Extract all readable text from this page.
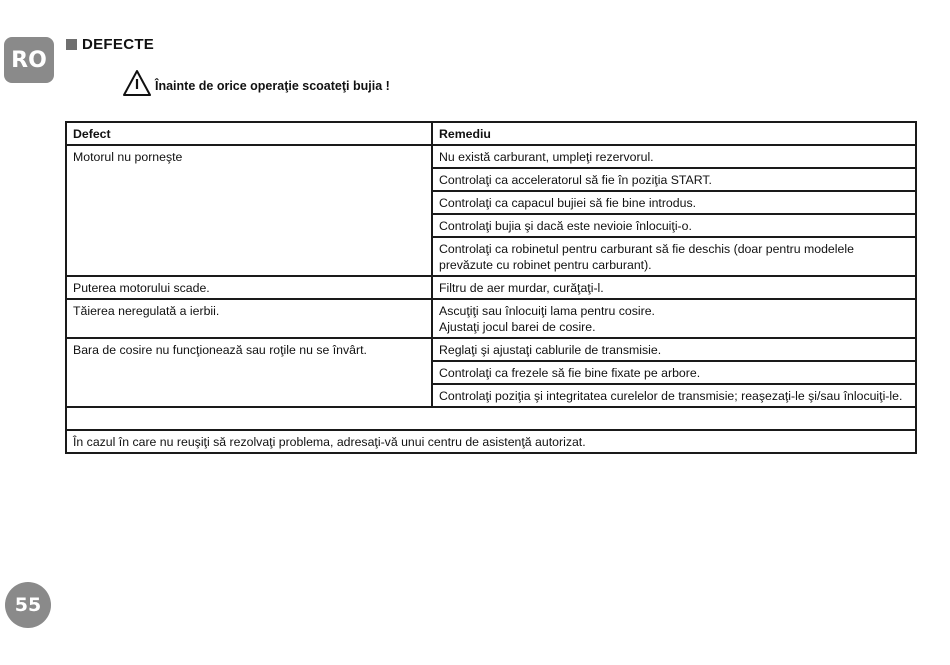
RO
DEFECTE
Înainte de orice operaţie scoateţi bujia !
Defect	Remediu
Motorul nu porneşte	Nu există carburant, umpleţi rezervorul.
	Controlaţi ca acceleratorul să fie în poziţia START.
	Controlaţi ca capacul bujiei să fie bine introdus.
	Controlaţi bujia şi dacă este nevioie înlocuiţi-o.
	Controlaţi ca robinetul pentru carburant să fie deschis (doar pentru modelele prevăzute cu robinet pentru carburant).
Puterea motorului scade.	Filtru de aer murdar, curăţaţi-l.
Tăierea neregulată a ierbii.	Ascuţiţi sau înlocuiţi lama pentru cosire.
Ajustaţi jocul barei de cosire.
Bara de cosire nu funcţionează sau roţile nu se învârt.	Reglaţi şi ajustaţi cablurile de transmisie.
	Controlaţi ca frezele să fie bine fixate pe arbore.
	Controlaţi poziţia şi integritatea curelelor de transmisie; reaşezaţi-le şi/sau înlocuiţi-le.

În cazul în care nu reuşiţi să rezolvaţi problema, adresaţi-vă unui centru de asistenţă autorizat.	
55
